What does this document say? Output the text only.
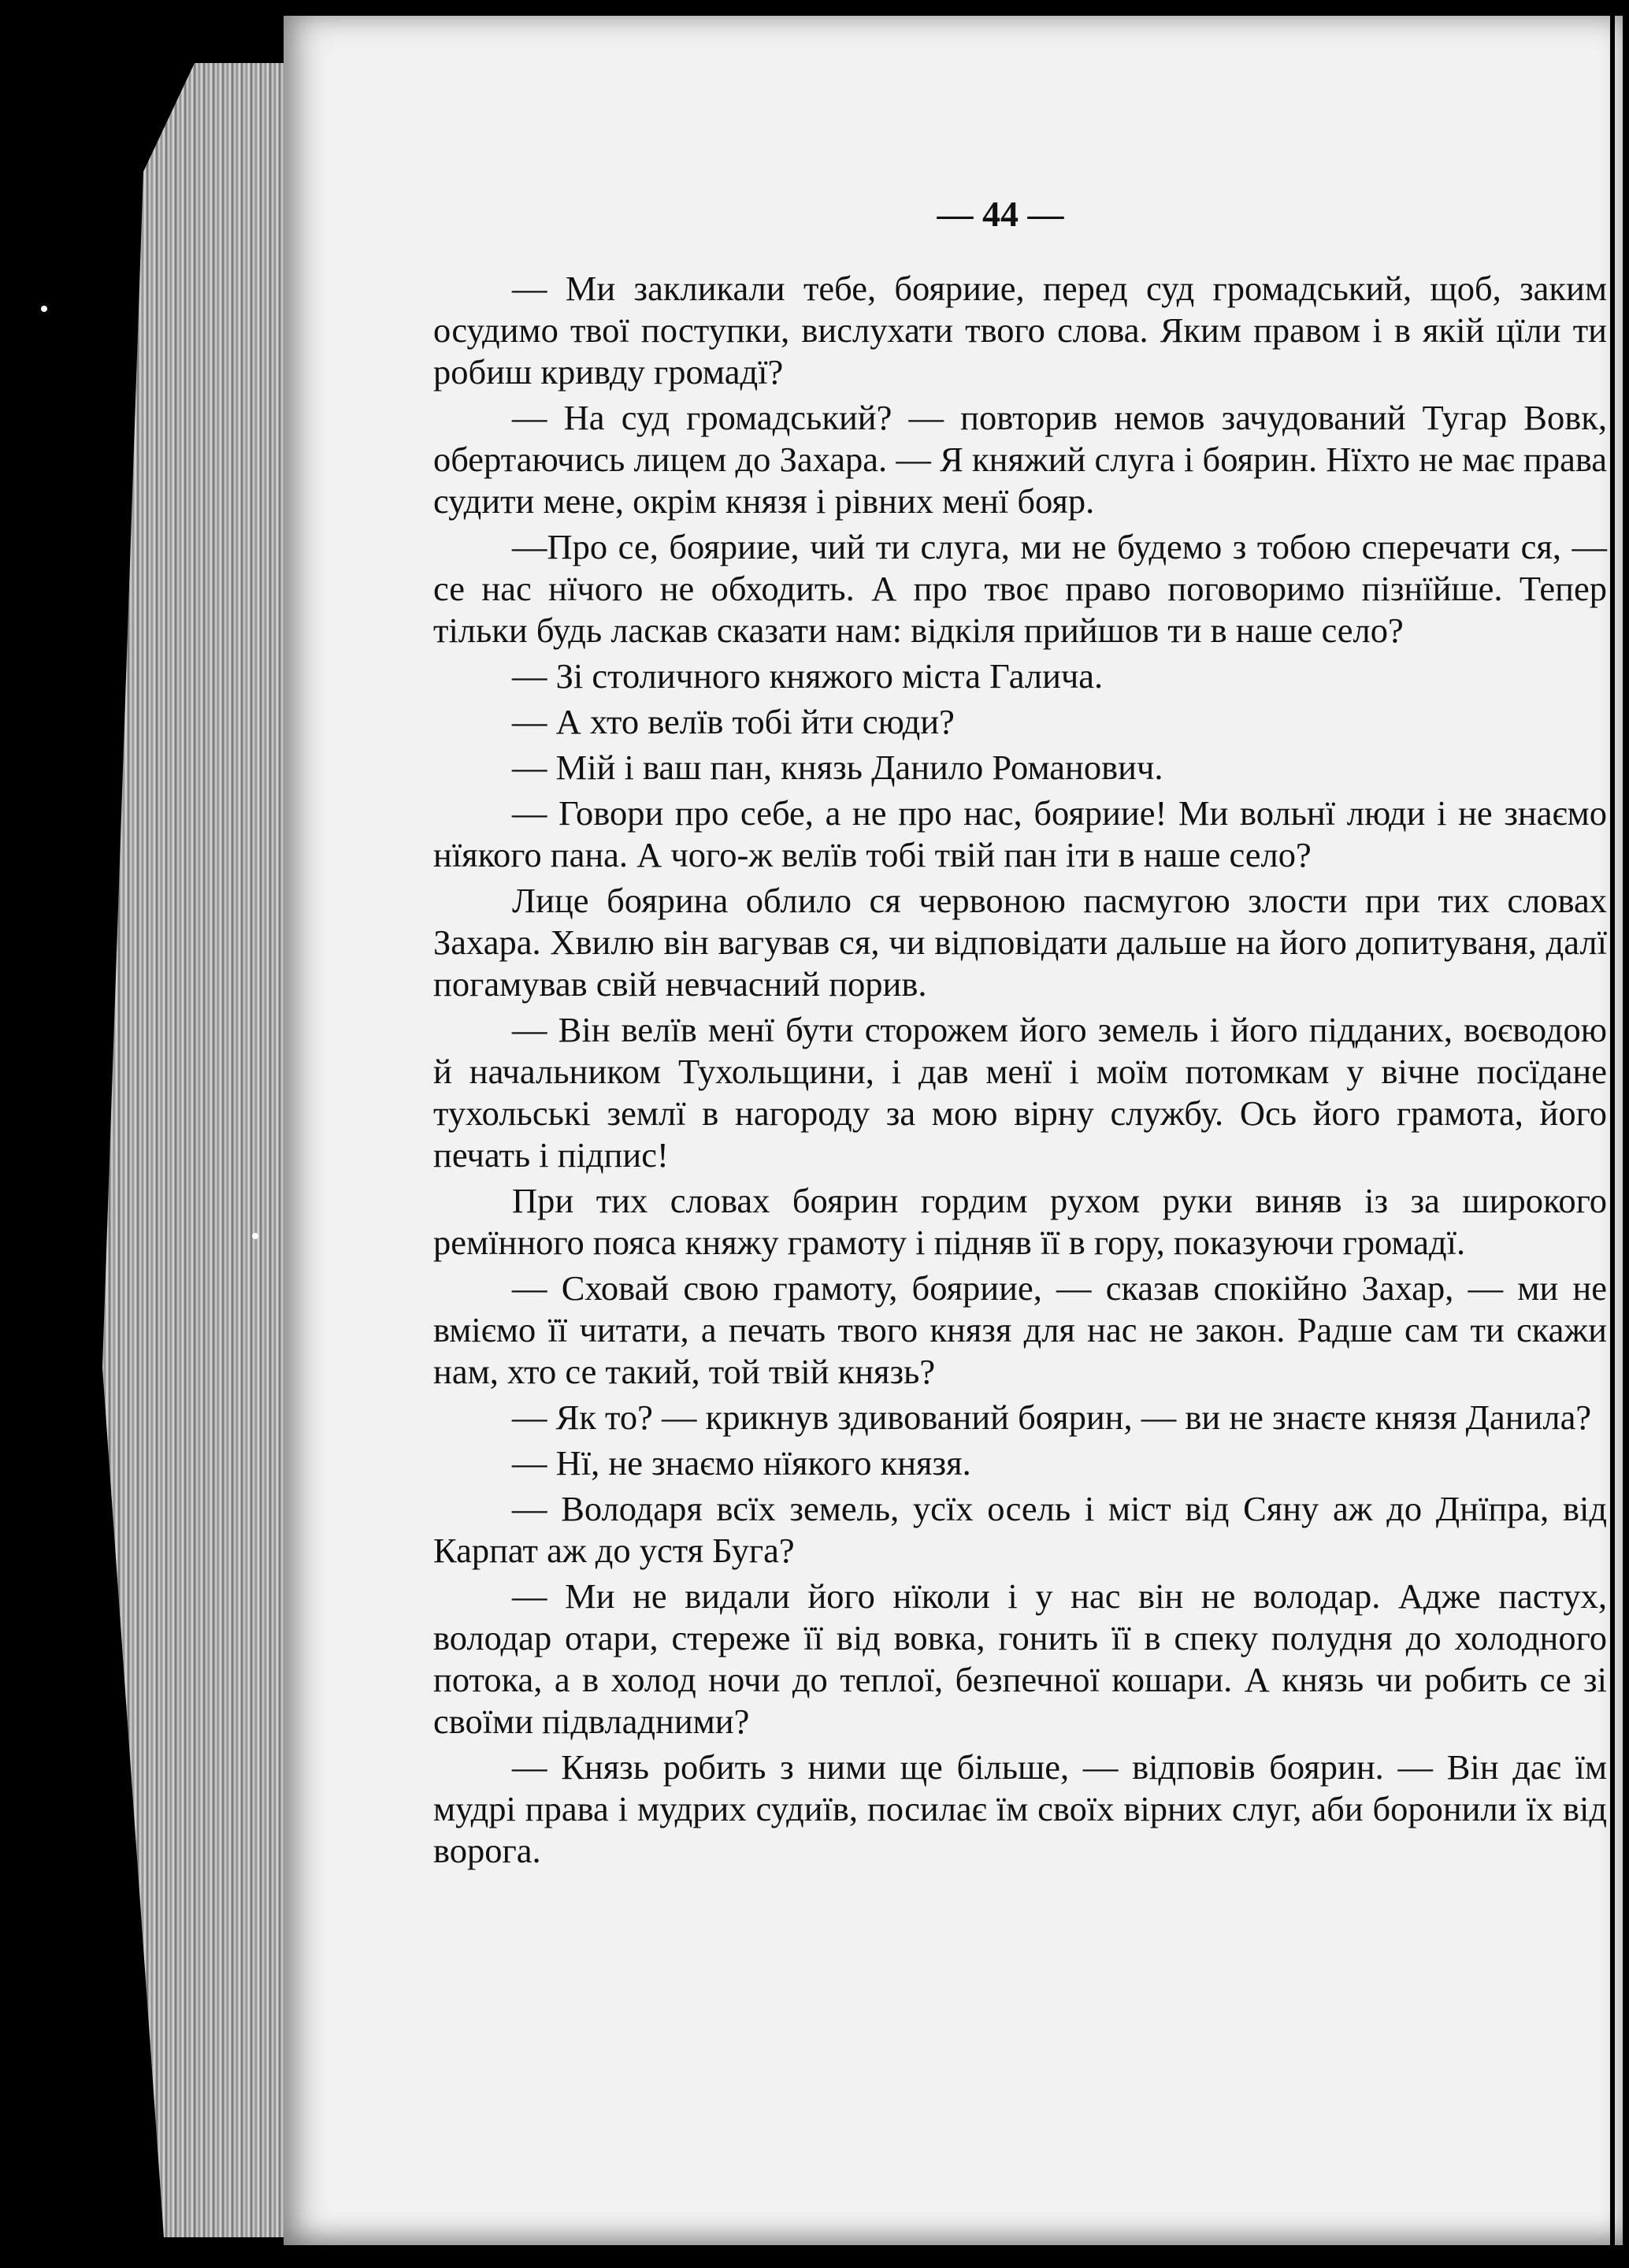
— 44 —

— Ми закликали тебе, бояриие, перед суд громадський, щоб, заким осудимо твої поступки, вислухати твого слова. Яким правом і в якій цїли ти робиш кривду громадї?

— На суд громадський? — повторив немов зачудований Тугар Вовк, обертаючись лицем до Захара. — Я княжий слуга і боярин. Нїхто не має права судити мене, окрім князя і рівних менї бояр.

—Про се, бояриие, чий ти слуга, ми не будемо з тобою сперечати ся, — се нас нїчого не обходить. А про твоє право поговоримо пізнїйше. Тепер тільки будь ласкав сказати нам: відкіля прийшов ти в наше село?

— Зі столичного княжого міста Галича.

— А хто велїв тобі йти сюди?

— Мій і ваш пан, князь Данило Романович.

— Говори про себе, а не про нас, бояриие! Ми вольнї люди і не знаємо нїякого пана. А чого-ж велїв тобі твій пан іти в наше село?

Лице боярина облило ся червоною пасмугою злости при тих словах Захара. Хвилю він вагував ся, чи відповідати дальше на його допитуваня, далї погамував свій невчасний порив.

— Він велїв менї бути сторожем його земель і його підданих, воєводою й начальником Тухольщини, і дав менї і моїм потомкам у вічне посїдане тухольські землї в нагороду за мою вірну службу. Ось його грамота, його печать і підпис!

При тих словах боярин гордим рухом руки виняв із за широкого ремїнного пояса княжу грамоту і підняв її в гору, показуючи громадї.

— Сховай свою грамоту, бояриие, — сказав спокійно Захар, — ми не вміємо її читати, а печать твого князя для нас не закон. Радше сам ти скажи нам, хто се такий, той твій князь?

— Як то? — крикнув здивований боярин, — ви не знаєте князя Данила?

— Нї, не знаємо нїякого князя.

— Володаря всїх земель, усїх осель і міст від Сяну аж до Днїпра, від Карпат аж до устя Буга?

— Ми не видали його нїколи і у нас він не володар. Адже пастух, володар отари, стереже її від вовка, гонить її в спеку полудня до холодного потока, а в холод ночи до теплої, безпечної кошари. А князь чи робить се зі своїми підвладними?

— Князь робить з ними ще більше, — відповів боярин. — Він дає їм мудрі права і мудрих судиїв, посилає їм своїх вірних слуг, аби боронили їх від ворога.
